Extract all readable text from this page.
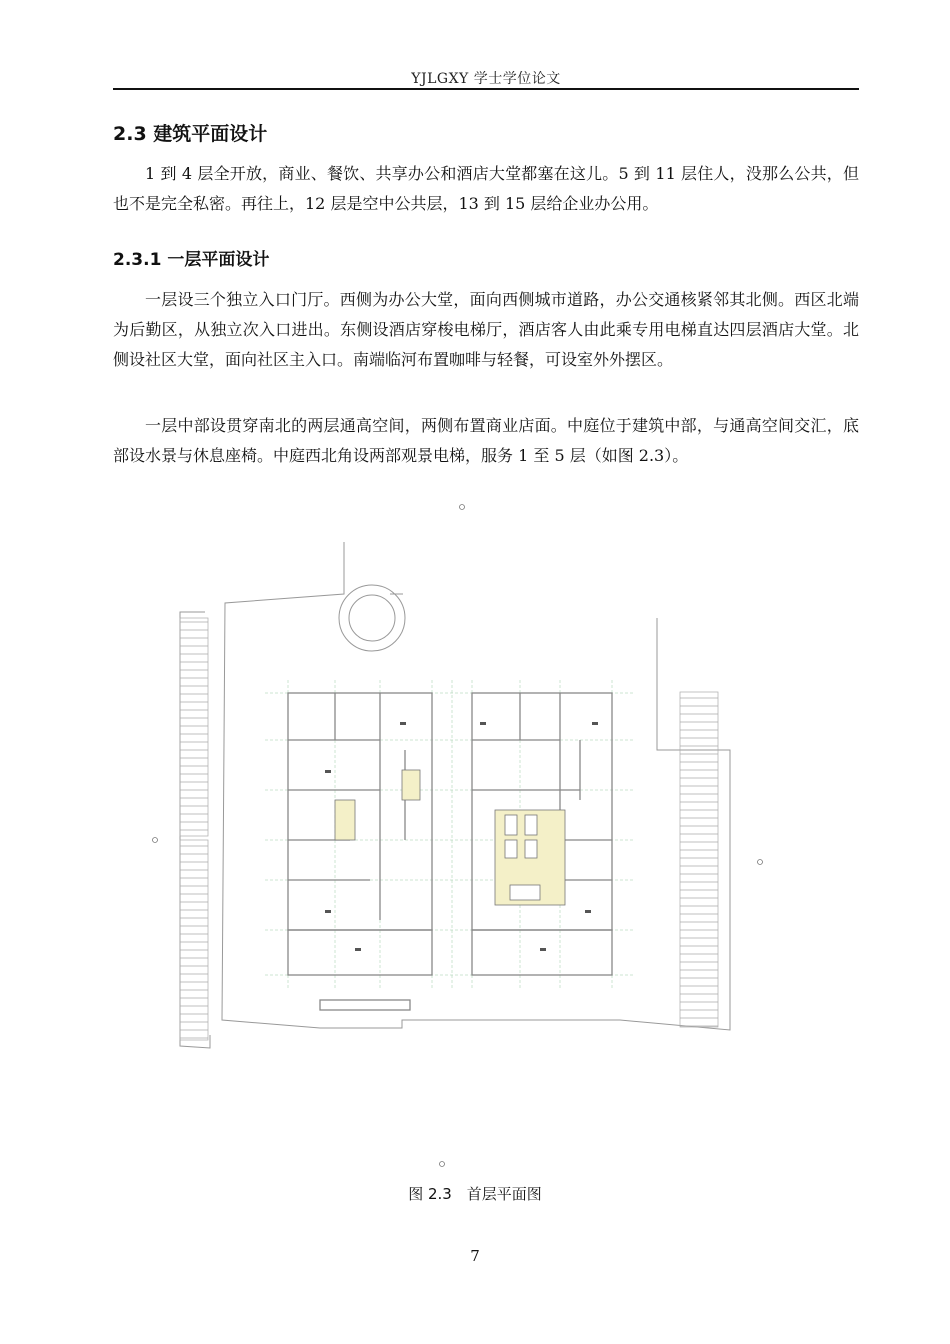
YJLGXY 学士学位论文
2.3 建筑平面设计
1 到 4 层全开放，商业、餐饮、共享办公和酒店大堂都塞在这儿。5 到 11 层住人，没那么公共，但也不是完全私密。再往上，12 层是空中公共层，13 到 15 层给企业办公用。
2.3.1 一层平面设计
一层设三个独立入口门厅。西侧为办公大堂，面向西侧城市道路，办公交通核紧邻其北侧。西区北端为后勤区，从独立次入口进出。东侧设酒店穿梭电梯厅，酒店客人由此乘专用电梯直达四层酒店大堂。北侧设社区大堂，面向社区主入口。南端临河布置咖啡与轻餐，可设室外外摆区。
一层中部设贯穿南北的两层通高空间，两侧布置商业店面。中庭位于建筑中部，与通高空间交汇，底部设水景与休息座椅。中庭西北角设两部观景电梯，服务 1 至 5 层（如图 2.3）。
图 2.3　首层平面图
7
